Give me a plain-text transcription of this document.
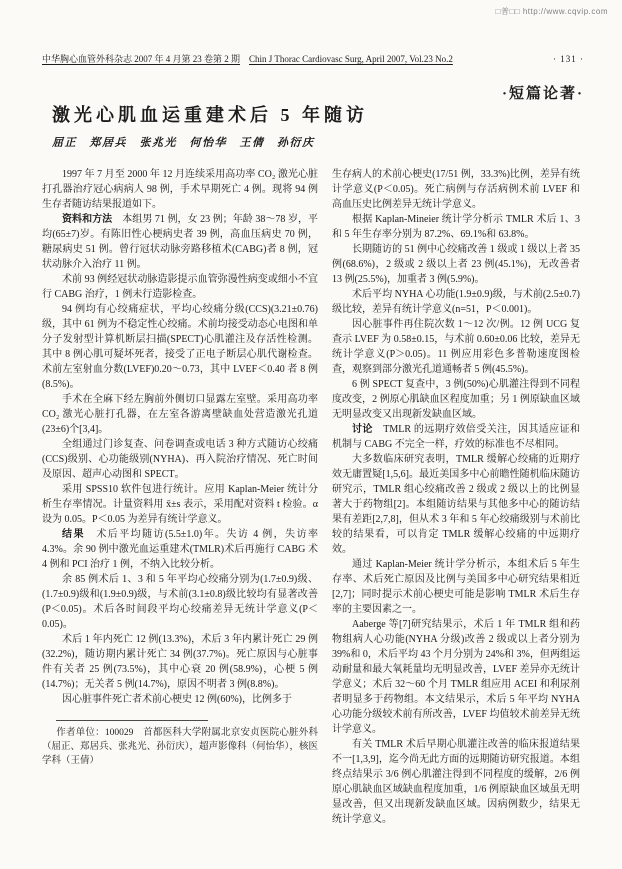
□普□□ http://www.cqvip.com
中华胸心血管外科杂志 2007 年 4 月第 23 卷第 2 期 Chin J Thorac Cardiovasc Surg, April 2007, Vol.23 No.2	· 131 ·
·短篇论著·
激光心肌血运重建术后 5 年随访
屈正　郑居兵　张兆光　何怡华　王倩　孙衍庆

1997 年 7 月至 2000 年 12 月连续采用高功率 CO₂ 激光心脏打孔器治疗冠心病病人 98 例，手术早期死亡 4 例。现将 94 例生存者随访结果报道如下。

资料和方法　 本组男 71 例，女 23 例；年龄 38～78 岁，平均(65±7)岁。有陈旧性心梗病史者 39 例，高血压病史 70 例，糖尿病史 51 例。曾行冠状动脉旁路移植术(CABG)者 8 例，冠状动脉介入治疗 11 例。

术前 93 例经冠状动脉造影提示血管弥漫性病变或细小不宜行 CABG 治疗，1 例未行造影检查。

94 例均有心绞痛症状，平均心绞痛分级(CCS)(3.21±0.76)级，其中 61 例为不稳定性心绞痛。术前均接受动态心电图和单分子发射型计算机断层扫描(SPECT)心肌灌注及存活性检测。其中 8 例心肌可疑坏死者，接受了正电子断层心肌代谢检查。术前左室射血分数(LVEF)0.20～0.73，其中 LVEF＜0.40 者 8 例(8.5%)。

手术在全麻下经左胸前外侧切口显露左室壁。采用高功率 CO₂ 激光心脏打孔器，在左室各游离壁缺血处营造激光孔道(23±6)个[3,4]。

全组通过门诊复查、问卷调查或电话 3 种方式随访心绞痛(CCS)级别、心功能级别(NYHA)、再入院治疗情况、死亡时间及原因、超声心动图和 SPECT。

采用 SPSS10 软件包进行统计。应用 Kaplan-Meier 统计分析生存率情况。计量资料用 x̄±s 表示，采用配对资料 t 检验。α 设为 0.05。P＜0.05 为差异有统计学意义。

结果　 术后平均随访(5.5±1.0)年。失访 4 例，失访率 4.3%。余 90 例中激光血运重建术(TMLR)术后再施行 CABG 术 4 例和 PCI 治疗 1 例，不纳入比较分析。

余 85 例术后 1、3 和 5 年平均心绞痛分别为(1.7±0.9)级、(1.7±0.9)级和(1.9±0.9)级，与术前(3.1±0.8)级比较均有显著改善(P＜0.05)。术后各时间段平均心绞痛差异无统计学意义(P＜0.05)。

术后 1 年内死亡 12 例(13.3%)，术后 3 年内累计死亡 29 例(32.2%)，随访期内累计死亡 34 例(37.7%)。死亡原因与心脏事件有关者 25 例(73.5%)，其中心衰 20 例(58.9%)，心梗 5 例(14.7%)；无关者 5 例(14.7%)，原因不明者 3 例(8.8%)。

因心脏事件死亡者术前心梗史 12 例(60%)，比例多于

作者单位：100029　首都医科大学附属北京安贞医院心脏外科（屈正、郑居兵、张兆光、孙衍庆），超声影像科（何怡华），核医学科（王倩）

生存病人的术前心梗史(17/51 例，33.3%)比例，差异有统计学意义(P＜0.05)。死亡病例与存活病例术前 LVEF 和高血压史比例差异无统计学意义。

根据 Kaplan-Mineier 统计学分析示 TMLR 术后 1、3 和 5 年生存率分别为 87.2%、69.1%和 63.8%。

长期随访的 51 例中心绞痛改善 1 级或 1 级以上者 35 例(68.6%)，2 级或 2 级以上者 23 例(45.1%)，无改善者 13 例(25.5%)，加重者 3 例(5.9%)。

术后平均 NYHA 心功能(1.9±0.9)级，与术前(2.5±0.7)级比较，差异有统计学意义(n=51，P＜0.001)。

因心脏事件再住院次数 1～12 次/例。12 例 UCG 复查示 LVEF 为 0.58±0.15，与术前 0.60±0.06 比较，差异无统计学意义(P＞0.05)。11 例应用彩色多普勒速度图检查，观察到部分激光孔道通畅者 5 例(45.5%)。

6 例 SPECT 复查中，3 例(50%)心肌灌注得到不同程度改变，2 例原心肌缺血区程度加重；另 1 例原缺血区域无明显改变又出现新发缺血区域。

讨论　 TMLR 的远期疗效倍受关注，因其适应证和机制与 CABG 不完全一样，疗效的标准也不尽相同。

大多数临床研究表明，TMLR 缓解心绞痛的近期疗效无庸置疑[1,5,6]。最近美国多中心前瞻性随机临床随访研究示，TMLR 组心绞痛改善 2 级或 2 级以上的比例显著大于药物组[2]。本组随访结果与其他多中心的随访结果有差距[2,7,8]，但从术 3 年和 5 年心绞痛级别与术前比较的结果看，可以肯定 TMLR 缓解心绞痛的中远期疗效。

通过 Kaplan-Meier 统计学分析示，本组术后 5 年生存率、术后死亡原因及比例与美国多中心研究结果相近[2,7]；同时提示术前心梗史可能是影响 TMLR 术后生存率的主要因素之一。

Aaberge 等[7]研究结果示，术后 1 年 TMLR 组和药物组病人心功能(NYHA 分级)改善 2 级或以上者分别为 39%和 0，术后平均 43 个月分别为 24%和 3%，但两组运动耐量和最大氧耗量均无明显改善，LVEF 差异亦无统计学意义；术后 32～60 个月 TMLR 组应用 ACEI 和利尿剂者明显多于药物组。本文结果示，术后 5 年平均 NYHA 心功能分级较术前有所改善，LVEF 均值较术前差异无统计学意义。

有关 TMLR 术后早期心肌灌注改善的临床报道结果不一[1,3,9]，迄今尚无此方面的远期随访研究报道。本组终点结果示 3/6 例心肌灌注得到不同程度的缓解，2/6 例原心肌缺血区域缺血程度加重，1/6 例原缺血区域虽无明显改善，但又出现新发缺血区域。因病例数少，结果无统计学意义。
